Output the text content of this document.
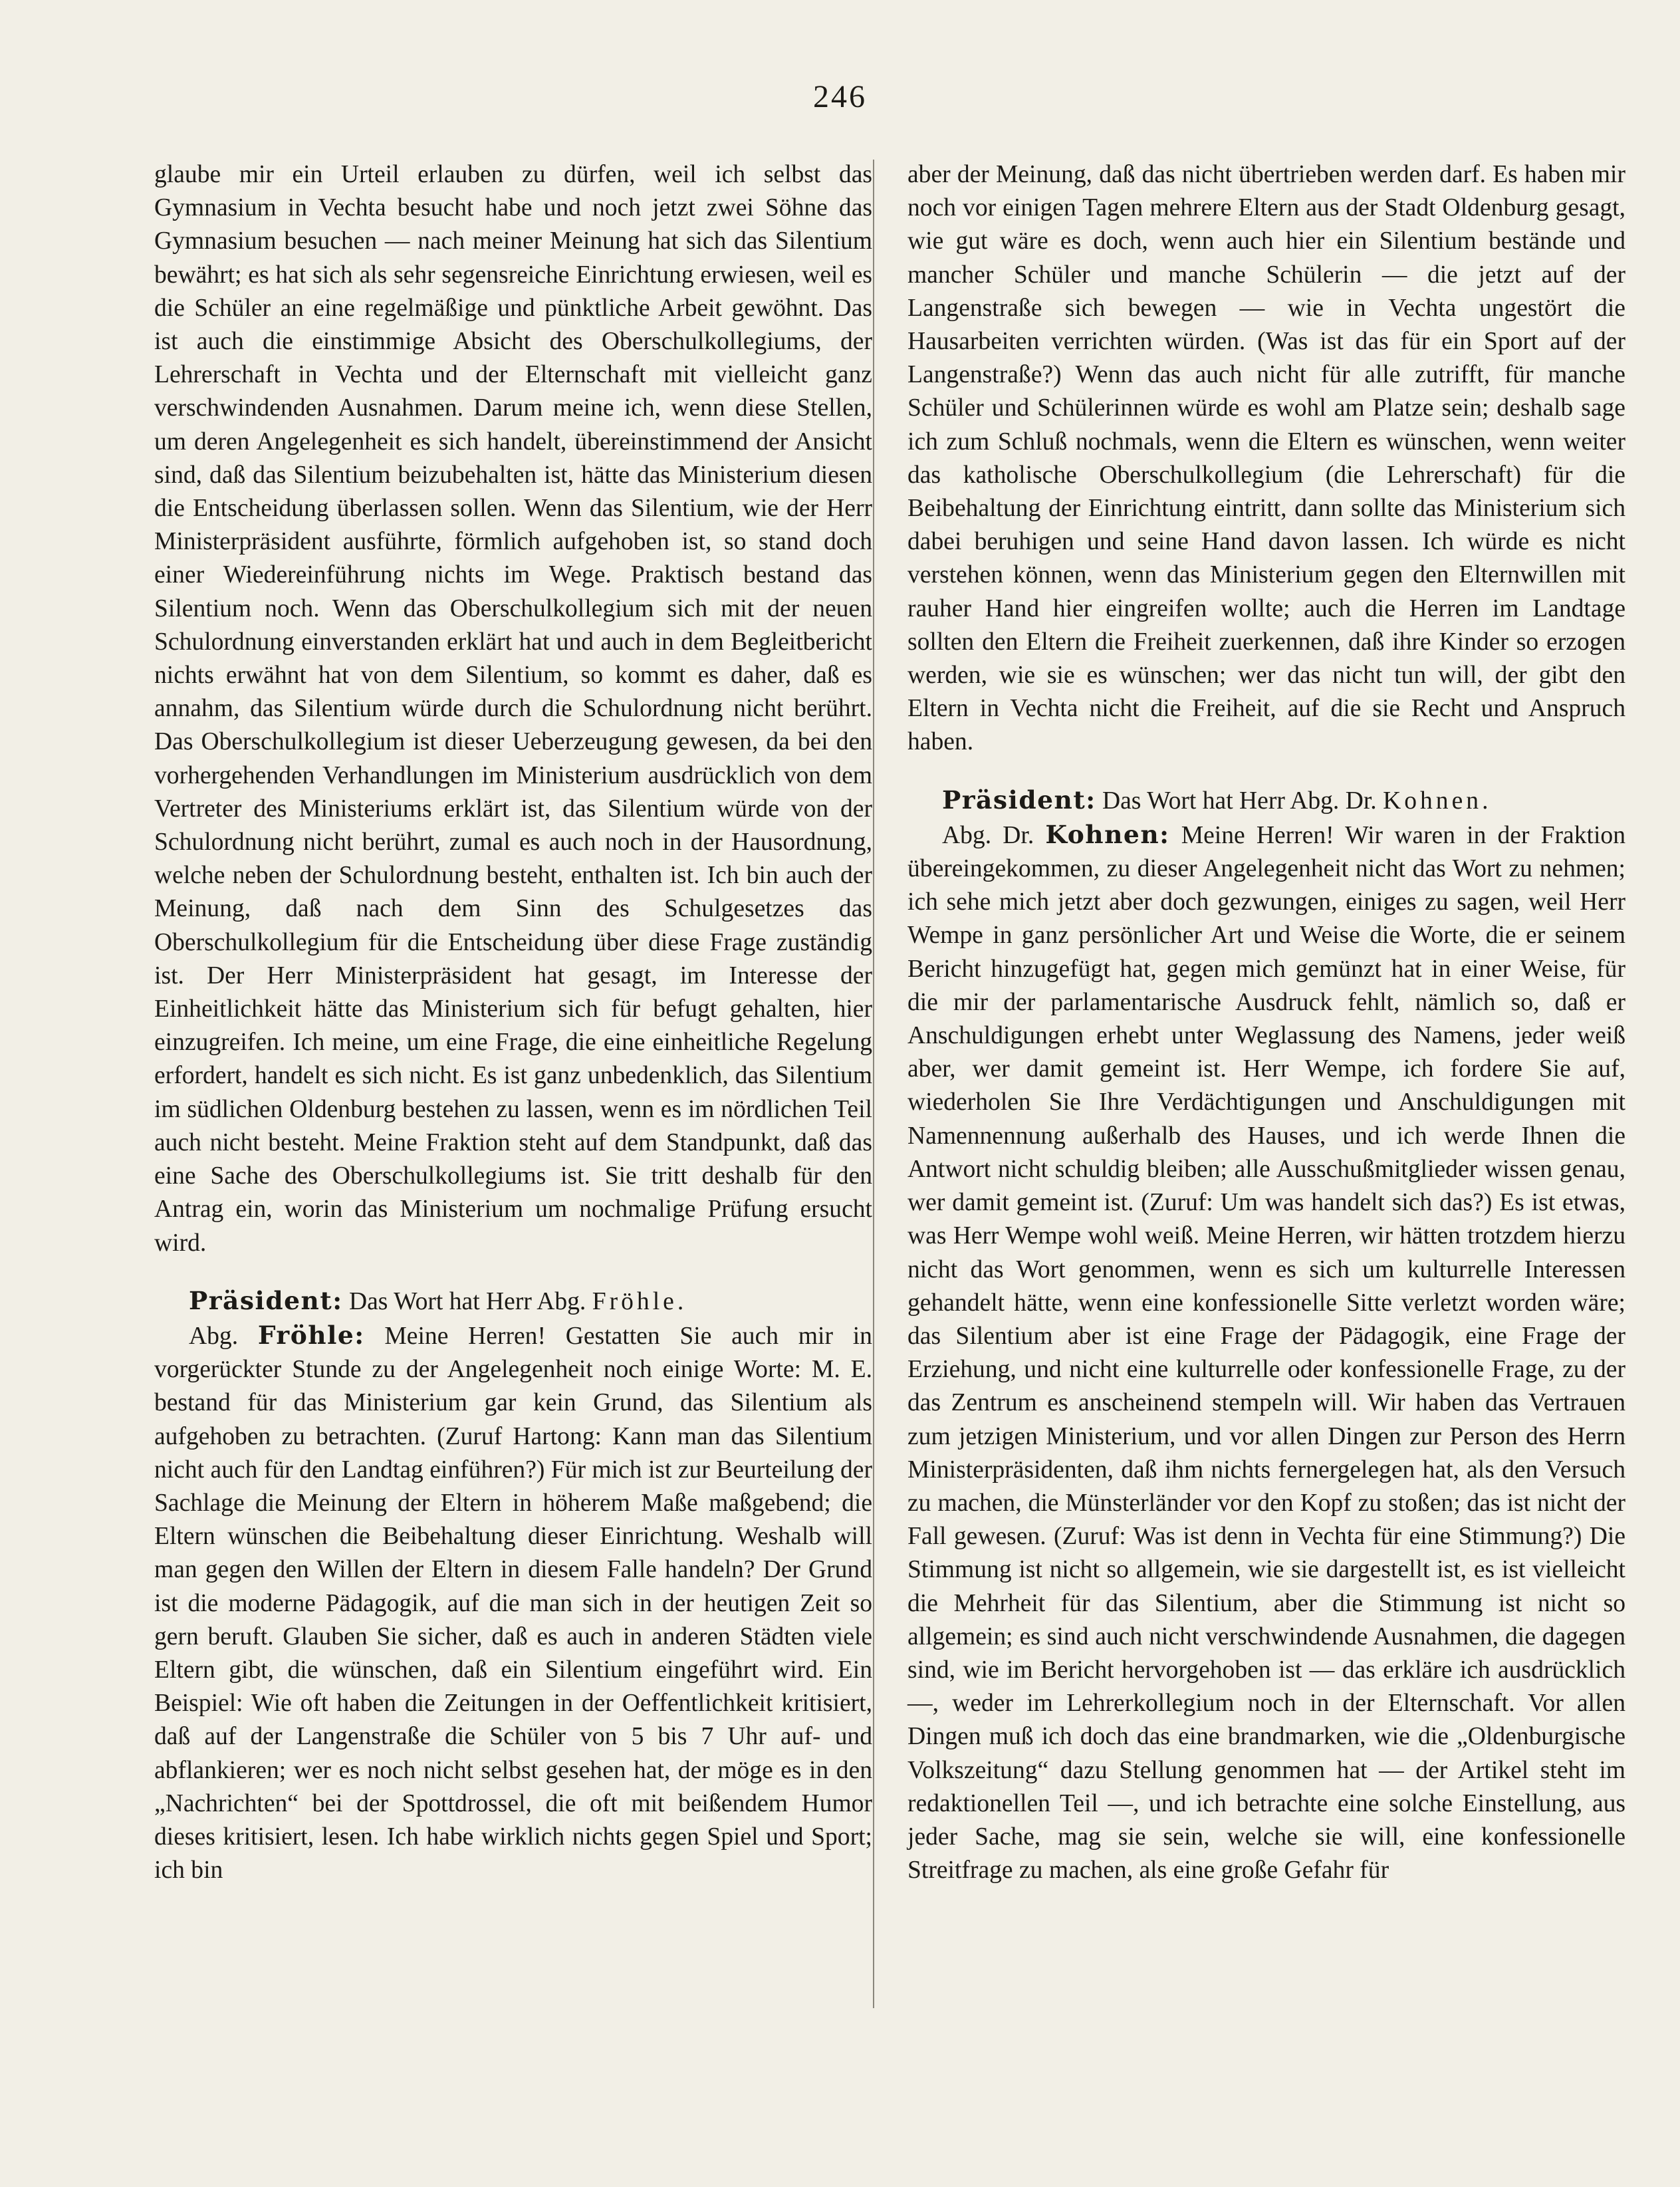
246

glaube mir ein Urteil erlauben zu dürfen, weil ich selbst das Gymnasium in Vechta besucht habe und noch jetzt zwei Söhne das Gymnasium besuchen — nach meiner Meinung hat sich das Silentium bewährt; es hat sich als sehr segensreiche Einrichtung erwiesen, weil es die Schüler an eine regelmäßige und pünktliche Arbeit gewöhnt. Das ist auch die einstimmige Absicht des Oberschulkollegiums, der Lehrerschaft in Vechta und der Elternschaft mit vielleicht ganz verschwindenden Ausnahmen. Darum meine ich, wenn diese Stellen, um deren Angelegenheit es sich handelt, übereinstimmend der Ansicht sind, daß das Silentium beizubehalten ist, hätte das Ministerium diesen die Entscheidung überlassen sollen. Wenn das Silentium, wie der Herr Ministerpräsident ausführte, förmlich aufgehoben ist, so stand doch einer Wiedereinführung nichts im Wege. Praktisch bestand das Silentium noch. Wenn das Oberschulkollegium sich mit der neuen Schulordnung einverstanden erklärt hat und auch in dem Begleitbericht nichts erwähnt hat von dem Silentium, so kommt es daher, daß es annahm, das Silentium würde durch die Schulordnung nicht berührt. Das Oberschulkollegium ist dieser Ueberzeugung gewesen, da bei den vorhergehenden Verhandlungen im Ministerium ausdrücklich von dem Vertreter des Ministeriums erklärt ist, das Silentium würde von der Schulordnung nicht berührt, zumal es auch noch in der Hausordnung, welche neben der Schulordnung besteht, enthalten ist. Ich bin auch der Meinung, daß nach dem Sinn des Schulgesetzes das Oberschulkollegium für die Entscheidung über diese Frage zuständig ist. Der Herr Ministerpräsident hat gesagt, im Interesse der Einheitlichkeit hätte das Ministerium sich für befugt gehalten, hier einzugreifen. Ich meine, um eine Frage, die eine einheitliche Regelung erfordert, handelt es sich nicht. Es ist ganz unbedenklich, das Silentium im südlichen Oldenburg bestehen zu lassen, wenn es im nördlichen Teil auch nicht besteht. Meine Fraktion steht auf dem Standpunkt, daß das eine Sache des Oberschulkollegiums ist. Sie tritt deshalb für den Antrag ein, worin das Ministerium um nochmalige Prüfung ersucht wird.

Präsident: Das Wort hat Herr Abg. Fröhle.

Abg. Fröhle: Meine Herren! Gestatten Sie auch mir in vorgerückter Stunde zu der Angelegenheit noch einige Worte: M. E. bestand für das Ministerium gar kein Grund, das Silentium als aufgehoben zu betrachten. (Zuruf Hartong: Kann man das Silentium nicht auch für den Landtag einführen?) Für mich ist zur Beurteilung der Sachlage die Meinung der Eltern in höherem Maße maßgebend; die Eltern wünschen die Beibehaltung dieser Einrichtung. Weshalb will man gegen den Willen der Eltern in diesem Falle handeln? Der Grund ist die moderne Pädagogik, auf die man sich in der heutigen Zeit so gern beruft. Glauben Sie sicher, daß es auch in anderen Städten viele Eltern gibt, die wünschen, daß ein Silentium eingeführt wird. Ein Beispiel: Wie oft haben die Zeitungen in der Oeffentlichkeit kritisiert, daß auf der Langenstraße die Schüler von 5 bis 7 Uhr auf- und abflankieren; wer es noch nicht selbst gesehen hat, der möge es in den „Nachrichten“ bei der Spottdrossel, die oft mit beißendem Humor dieses kritisiert, lesen. Ich habe wirklich nichts gegen Spiel und Sport; ich bin

aber der Meinung, daß das nicht übertrieben werden darf. Es haben mir noch vor einigen Tagen mehrere Eltern aus der Stadt Oldenburg gesagt, wie gut wäre es doch, wenn auch hier ein Silentium bestände und mancher Schüler und manche Schülerin — die jetzt auf der Langenstraße sich bewegen — wie in Vechta ungestört die Hausarbeiten verrichten würden. (Was ist das für ein Sport auf der Langenstraße?) Wenn das auch nicht für alle zutrifft, für manche Schüler und Schülerinnen würde es wohl am Platze sein; deshalb sage ich zum Schluß nochmals, wenn die Eltern es wünschen, wenn weiter das katholische Oberschulkollegium (die Lehrerschaft) für die Beibehaltung der Einrichtung eintritt, dann sollte das Ministerium sich dabei beruhigen und seine Hand davon lassen. Ich würde es nicht verstehen können, wenn das Ministerium gegen den Elternwillen mit rauher Hand hier eingreifen wollte; auch die Herren im Landtage sollten den Eltern die Freiheit zuerkennen, daß ihre Kinder so erzogen werden, wie sie es wünschen; wer das nicht tun will, der gibt den Eltern in Vechta nicht die Freiheit, auf die sie Recht und Anspruch haben.

Präsident: Das Wort hat Herr Abg. Dr. Kohnen.

Abg. Dr. Kohnen: Meine Herren! Wir waren in der Fraktion übereingekommen, zu dieser Angelegenheit nicht das Wort zu nehmen; ich sehe mich jetzt aber doch gezwungen, einiges zu sagen, weil Herr Wempe in ganz persönlicher Art und Weise die Worte, die er seinem Bericht hinzugefügt hat, gegen mich gemünzt hat in einer Weise, für die mir der parlamentarische Ausdruck fehlt, nämlich so, daß er Anschuldigungen erhebt unter Weglassung des Namens, jeder weiß aber, wer damit gemeint ist. Herr Wempe, ich fordere Sie auf, wiederholen Sie Ihre Verdächtigungen und Anschuldigungen mit Namennennung außerhalb des Hauses, und ich werde Ihnen die Antwort nicht schuldig bleiben; alle Ausschußmitglieder wissen genau, wer damit gemeint ist. (Zuruf: Um was handelt sich das?) Es ist etwas, was Herr Wempe wohl weiß. Meine Herren, wir hätten trotzdem hierzu nicht das Wort genommen, wenn es sich um kulturrelle Interessen gehandelt hätte, wenn eine konfessionelle Sitte verletzt worden wäre; das Silentium aber ist eine Frage der Pädagogik, eine Frage der Erziehung, und nicht eine kulturrelle oder konfessionelle Frage, zu der das Zentrum es anscheinend stempeln will. Wir haben das Vertrauen zum jetzigen Ministerium, und vor allen Dingen zur Person des Herrn Ministerpräsidenten, daß ihm nichts fernergelegen hat, als den Versuch zu machen, die Münsterländer vor den Kopf zu stoßen; das ist nicht der Fall gewesen. (Zuruf: Was ist denn in Vechta für eine Stimmung?) Die Stimmung ist nicht so allgemein, wie sie dargestellt ist, es ist vielleicht die Mehrheit für das Silentium, aber die Stimmung ist nicht so allgemein; es sind auch nicht verschwindende Ausnahmen, die dagegen sind, wie im Bericht hervorgehoben ist — das erkläre ich ausdrücklich —, weder im Lehrerkollegium noch in der Elternschaft. Vor allen Dingen muß ich doch das eine brandmarken, wie die „Oldenburgische Volkszeitung“ dazu Stellung genommen hat — der Artikel steht im redaktionellen Teil —, und ich betrachte eine solche Einstellung, aus jeder Sache, mag sie sein, welche sie will, eine konfessionelle Streitfrage zu machen, als eine große Gefahr für
